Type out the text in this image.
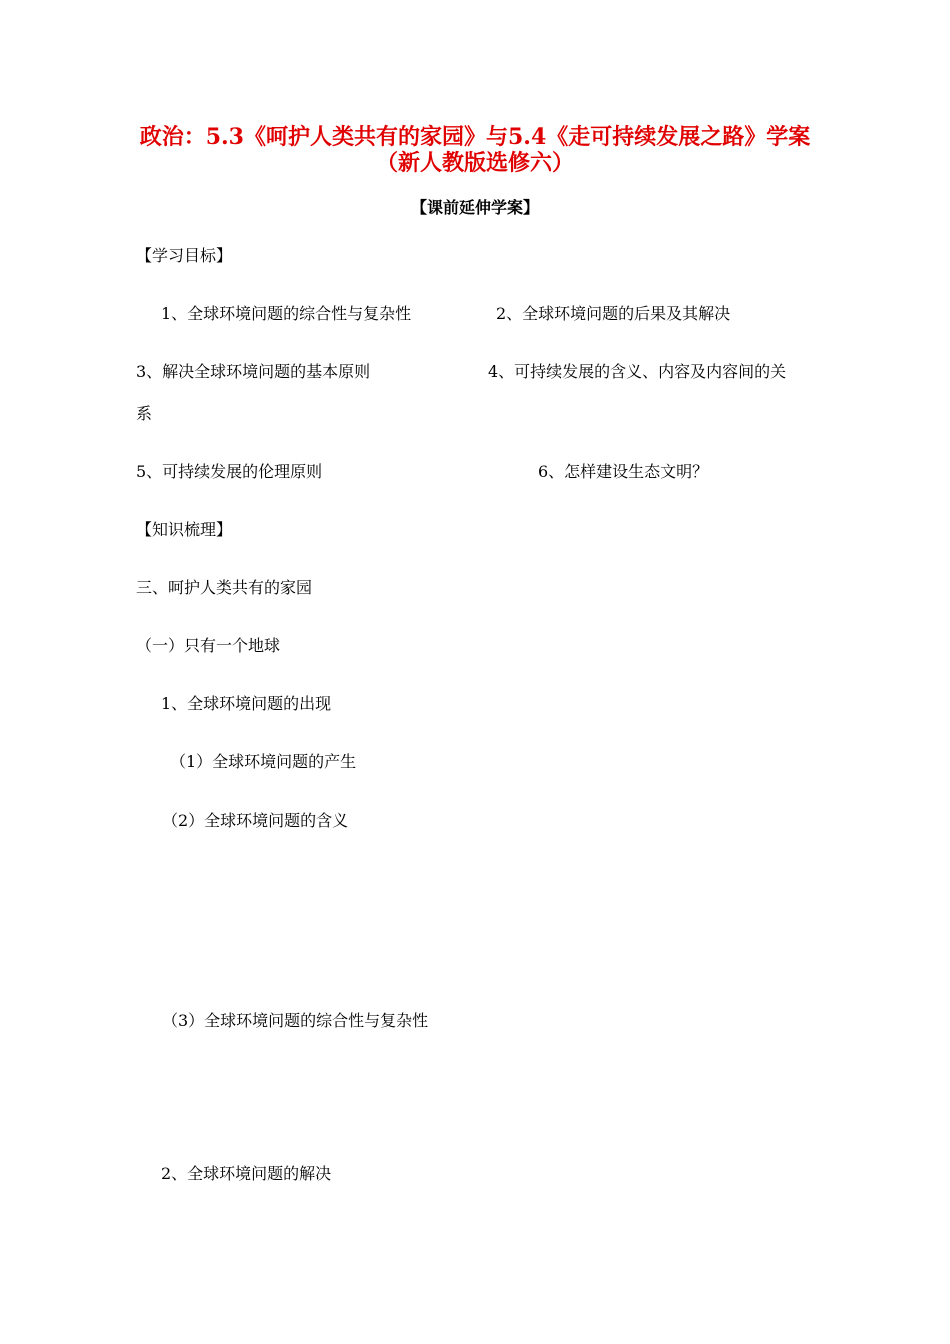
政治：5.3《呵护人类共有的家园》与5.4《走可持续发展之路》学案
（新人教版选修六）
【课前延伸学案】
【学习目标】
1、全球环境问题的综合性与复杂性	2、全球环境问题的后果及其解决
3、解决全球环境问题的基本原则	4、可持续发展的含义、内容及内容间的关
系
5、可持续发展的伦理原则	6、怎样建设生态文明？
【知识梳理】
三、呵护人类共有的家园
（一）只有一个地球
1、全球环境问题的出现
（1）全球环境问题的产生
（2）全球环境问题的含义
（3）全球环境问题的综合性与复杂性
2、全球环境问题的解决
